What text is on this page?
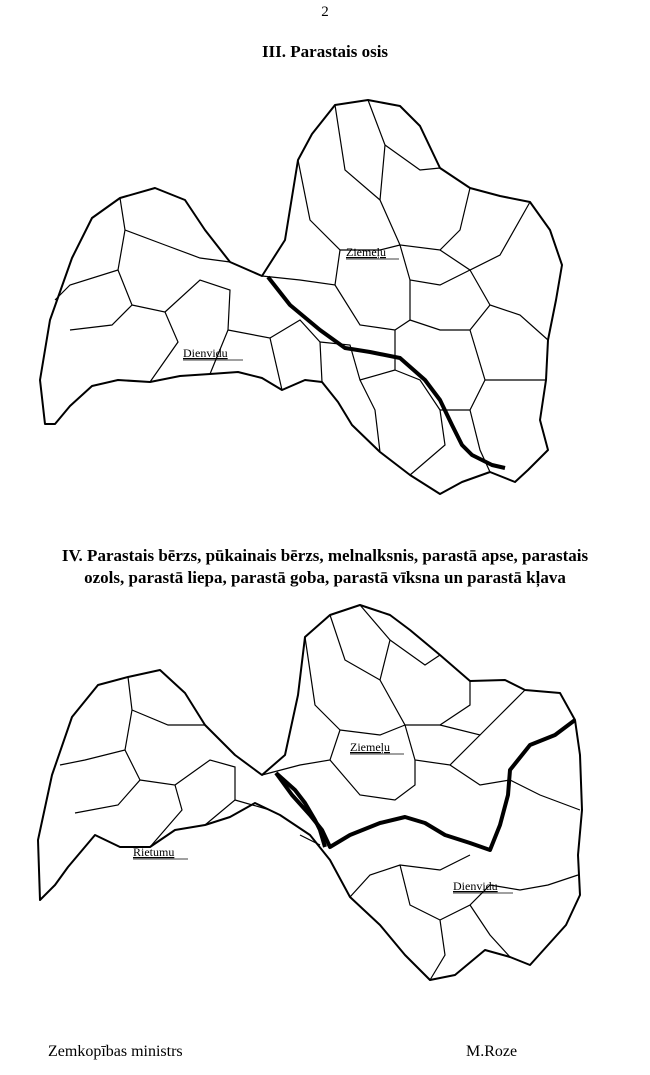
2
III. Parastais osis
Ziemeļu
Dienvidu
IV. Parastais bērzs, pūkainais bērzs, melnalksnis, parastā apse, parastais
ozols, parastā liepa, parastā goba, parastā vīksna un parastā kļava
Ziemeļu
Rietumu
Dienvidu
Zemkopības ministrs	M.Roze
